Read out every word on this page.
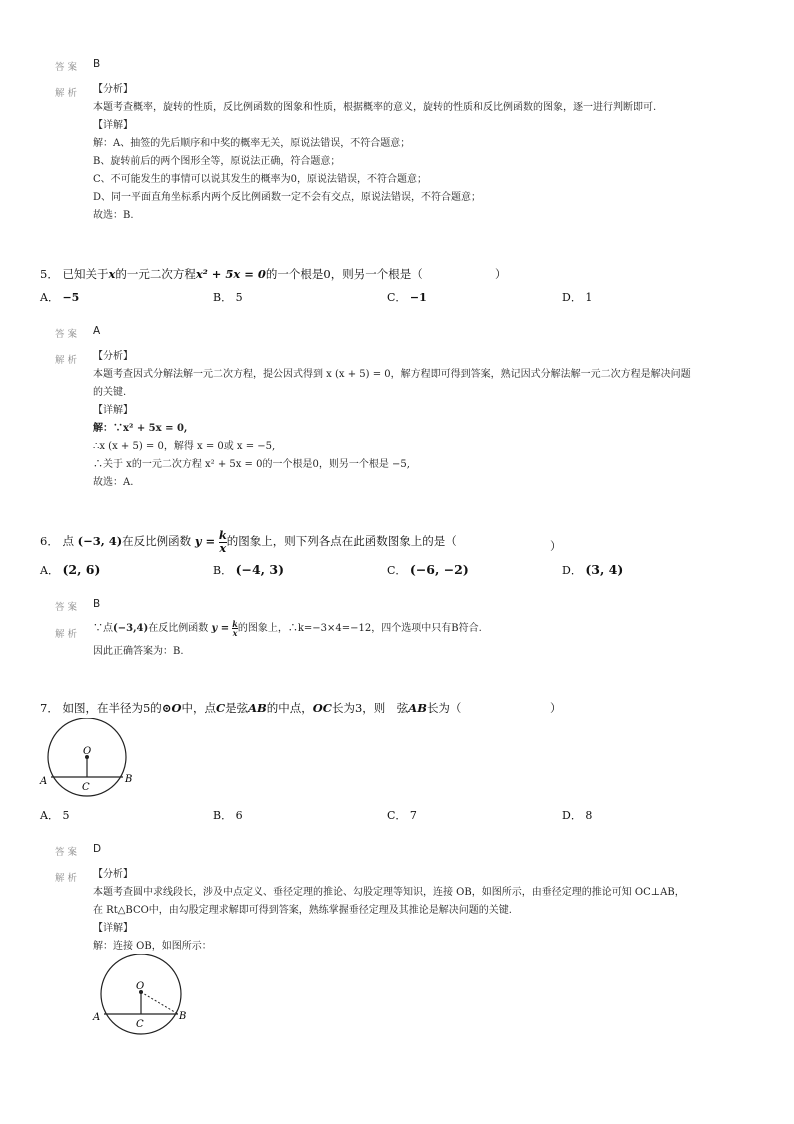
答案 B
解析 【分析】
本题考查概率，旋转的性质，反比例函数的图象和性质，根据概率的意义，旋转的性质和反比例函数的图象，逐一进行判断即可.
【详解】
解：A、抽签的先后顺序和中奖的概率无关，原说法错误，不符合题意；
B、旋转前后的两个图形全等，原说法正确，符合题意；
C、不可能发生的事情可以说其发生的概率为0，原说法错误，不符合题意；
D、同一平面直角坐标系内两个反比例函数一定不会有交点，原说法错误，不符合题意；
故选：B.
5． 已知关于x的一元二次方程x² + 5x = 0的一个根是0，则另一个根是（	）
A． −5	B． 5	C． −1	D． 1
答案 A
解析 【分析】
本题考查因式分解法解一元二次方程，提公因式得到 x (x + 5) = 0，解方程即可得到答案，熟记因式分解法解一元二次方程是解决问题
的关键.
【详解】
解：∵x² + 5x = 0,
∴x (x + 5) = 0，解得 x = 0或 x = −5,
∴关于 x的一元二次方程 x² + 5x = 0的一个根是0，则另一个根是 −5,
故选：A.
6． 点 (−3, 4)在反比例函数 $y = \frac{k}{x}$ 的图象上，则下列各点在此函数图象上的是（	）
A． (2, 6)	B． (−4, 3)	C． (−6, −2)	D． (3, 4)
答案 B
解析
∵点(−3,4)在反比例函数 $y = \frac{k}{x}$ 的图象上，∴k=−3×4=−12，四个选项中只有B符合.
因此正确答案为：B.
7． 如图，在半径为5的⊙O中，点C是弦AB的中点，OC长为3，则　弦AB长为（	）
O
A	B
C
A． 5	B． 6	C． 7	D． 8
答案 D
解析 【分析】
本题考查圆中求线段长，涉及中点定义、垂径定理的推论、勾股定理等知识，连接 OB，如图所示，由垂径定理的推论可知 OC⊥AB，
在 Rt△BCO中，由勾股定理求解即可得到答案，熟练掌握垂径定理及其推论是解决问题的关键.
【详解】
解：连接 OB，如图所示：
O
A	B
C
